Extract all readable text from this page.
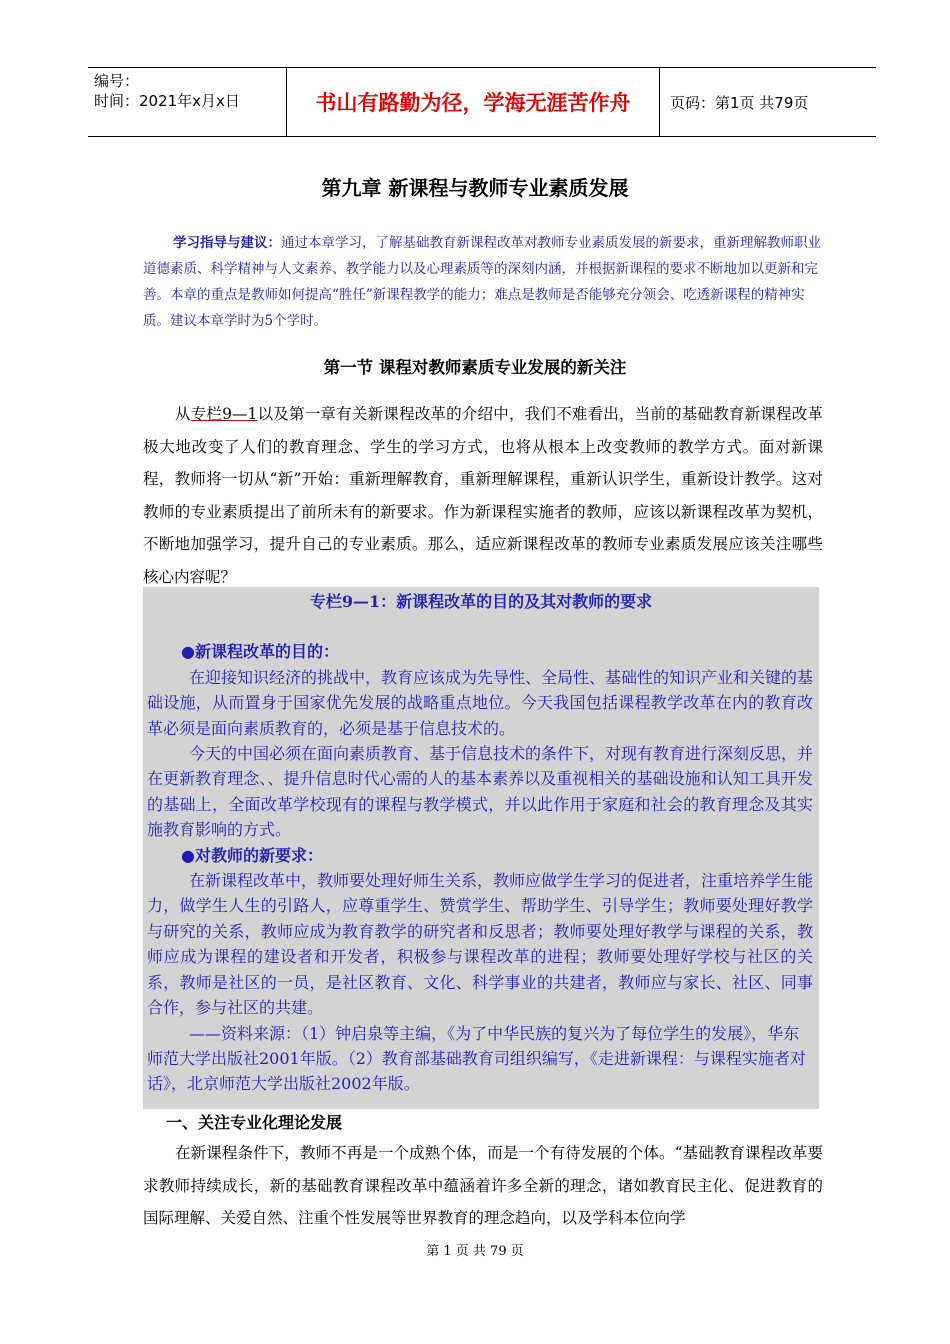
编号：
时间：2021年x月x日	书山有路勤为径，学海无涯苦作舟	页码：第1页 共79页
第九章 新课程与教师专业素质发展
学习指导与建议：通过本章学习，了解基础教育新课程改革对教师专业素质发展的新要求，重新理解教师职业道德素质、科学精神与人文素养、教学能力以及心理素质等的深刻内涵，并根据新课程的要求不断地加以更新和完善。本章的重点是教师如何提高“胜任”新课程教学的能力；难点是教师是否能够充分领会、吃透新课程的精神实质。建议本章学时为5个学时。
第一节 课程对教师素质专业发展的新关注
从专栏9—1以及第一章有关新课程改革的介绍中，我们不难看出，当前的基础教育新课程改革极大地改变了人们的教育理念、学生的学习方式，也将从根本上改变教师的教学方式。面对新课程，教师将一切从“新”开始：重新理解教育，重新理解课程，重新认识学生，重新设计教学。这对教师的专业素质提出了前所未有的新要求。作为新课程实施者的教师，应该以新课程改革为契机，不断地加强学习，提升自己的专业素质。那么，适应新课程改革的教师专业素质发展应该关注哪些核心内容呢？
专栏9—1：新课程改革的目的及其对教师的要求
●新课程改革的目的：
在迎接知识经济的挑战中，教育应该成为先导性、全局性、基础性的知识产业和关键的基础设施，从而置身于国家优先发展的战略重点地位。今天我国包括课程教学改革在内的教育改革必须是面向素质教育的，必须是基于信息技术的。
今天的中国必须在面向素质教育、基于信息技术的条件下，对现有教育进行深刻反思，并在更新教育理念、、提升信息时代心需的人的基本素养以及重视相关的基础设施和认知工具开发的基础上，全面改革学校现有的课程与教学模式，并以此作用于家庭和社会的教育理念及其实施教育影响的方式。
●对教师的新要求：
在新课程改革中，教师要处理好师生关系，教师应做学生学习的促进者，注重培养学生能力，做学生人生的引路人，应尊重学生、赞赏学生、帮助学生、引导学生；教师要处理好教学与研究的关系，教师应成为教育教学的研究者和反思者；教师要处理好教学与课程的关系，教师应成为课程的建设者和开发者，积极参与课程改革的进程；教师要处理好学校与社区的关系，教师是社区的一员，是社区教育、文化、科学事业的共建者，教师应与家长、社区、同事合作，参与社区的共建。
——资料来源：（1）钟启泉等主编，《为了中华民族的复兴为了每位学生的发展》，华东师范大学出版社2001年版。（2）教育部基础教育司组织编写，《走进新课程：与课程实施者对话》，北京师范大学出版社2002年版。
一、关注专业化理论发展
在新课程条件下，教师不再是一个成熟个体，而是一个有待发展的个体。“基础教育课程改革要求教师持续成长，新的基础教育课程改革中蕴涵着许多全新的理念，诸如教育民主化、促进教育的国际理解、关爱自然、注重个性发展等世界教育的理念趋向，以及学科本位向学
第 1 页 共 79 页
